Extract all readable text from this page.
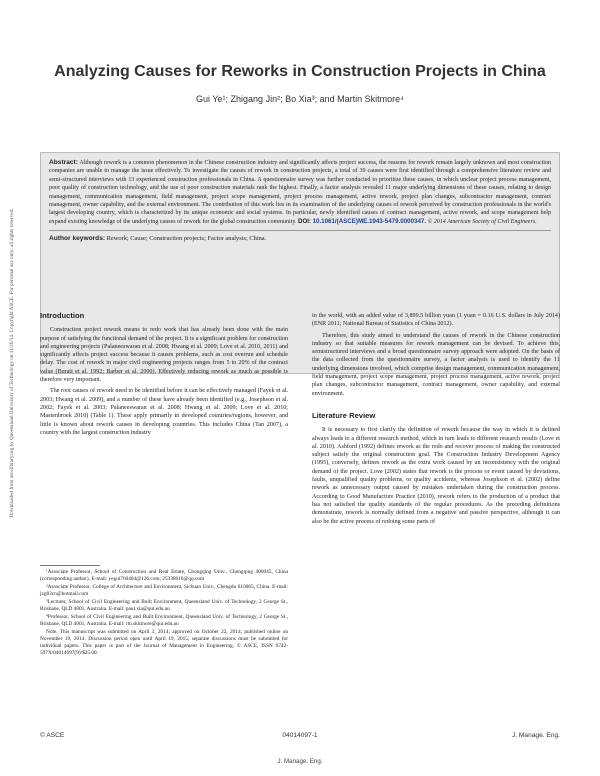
Downloaded from ascelibrary.org by Queensland University of Technology on 11/26/14. Copyright ASCE. For personal use only; all rights reserved.
Analyzing Causes for Reworks in Construction Projects in China
Gui Ye¹; Zhigang Jin²; Bo Xia³; and Martin Skitmore⁴

Abstract: Although rework is a common phenomenon in the Chinese construction industry and significantly affects project success, the reasons for rework remain largely unknown and most construction companies are unable to manage the issue effectively. To investigate the causes of rework in construction projects, a total of 39 causes were first identified through a comprehensive literature review and semi-structured interviews with 13 experienced construction professionals in China. A questionnaire survey was further conducted to prioritize these causes, in which unclear project process management, poor quality of construction technology, and the use of poor construction materials rank the highest. Finally, a factor analysis revealed 11 major underlying dimensions of these causes, relating to design management, communication management, field management, project scope management, project process management, active rework, project plan changes, subcontractor management, contract management, owner capability, and the external environment. The contribution of this work lies in its examination of the underlying causes of rework perceived by construction professionals in the world's largest developing country, which is characterized by its unique economic and social systems. In particular, newly identified causes of contract management, active rework, and scope management help expand existing knowledge of the underlying causes of rework for the global construction community. DOI: 10.1061/(ASCE)ME.1943-5479.0000347. © 2014 American Society of Civil Engineers.

Author keywords: Rework; Cause; Construction projects; Factor analysis; China.

Introduction

Construction project rework means to redo work that has already been done with the main purpose of satisfying the functional demand of the project. It is a significant problem for construction and engineering projects (Palaneeswaran et al. 2008; Hwang et al. 2009; Love et al. 2010, 2011) and significantly affects project success because it causes problems, such as cost overrun and schedule delay. The cost of rework in major civil engineering projects ranges from 5 to 20% of the contract value (Burati et al. 1992; Barber et al. 2000). Effectively reducing rework as much as possible is therefore very important.

The root causes of rework need to be identified before it can be effectively managed (Fayek et al. 2003; Hwang et al. 2009), and a number of these have already been identified (e.g., Josephson et al. 2002; Fayek et al. 2003; Palaneeswaran et al. 2008; Hwang et al. 2009; Love et al. 2010; Mastenbroek 2010) (Table 1). These apply primarily in developed countries/regions, however, and little is known about rework causes in developing countries. This includes China (Tan 2007), a country with the largest construction industry

in the world, with an added value of 3,899.5 billion yuan (1 yuan = 0.16 U.S. dollars in July 2014) (ENR 2011; National Bureau of Statistics of China 2012).

Therefore, this study aimed to understand the causes of rework in the Chinese construction industry so that suitable measures for rework management can be devised. To achieve this, semistructured interviews and a broad questionnaire survey approach were adopted. On the basis of the data collected from the questionnaire survey, a factor analysis is used to identify the 11 underlying dimensions involved, which comprise design management, communication management, field management, project scope management, project process management, active rework, project plan changes, subcontractor management, contract management, owner capability, and external environment.

Literature Review

It is necessary to first clarify the definition of rework because the way in which it is defined always leads to a different research method, which in turn leads to different research results (Love et al. 2010). Ashford (1992) defines rework as the redo and recover process of making the constructed subject satisfy the original construction goal. The Construction Industry Development Agency (1995), conversely, defines rework as the extra work caused by an inconsistency with the original demand of the project. Love (2002) states that rework is the process or event caused by deviations, faults, unqualified quality problems, or quality accidents, whereas Josephson et al. (2002) define rework as unnecessary output caused by mistakes undertaken during the construction process. According to Good Manufacture Practice (2010), rework refers to the production of a product that has not satisfied the quality standards of the regular procedures. As the preceding definitions demonstrate, rework is normally defined from a negative and passive perspective, although it can also be the active process of redoing some parts of

¹Associate Professor, School of Construction and Real Estate, Chongqing Univ., Chongqing 400045, China (corresponding author). E-mail: yegui760404@126.com; 25338616@qq.com

²Associate Professor, College of Architecture and Environment, Sichuan Univ., Chengdu 610065, China. E-mail: jzg83cn@hotmail.com

³Lecturer, School of Civil Engineering and Built Environment, Queensland Univ. of Technology, 2 George St., Brisbane, QLD 4001, Australia. E-mail: paul.xia@qut.edu.au

⁴Professor, School of Civil Engineering and Built Environment, Queensland Univ. of Technology, 2 George St., Brisbane, QLD 4001, Australia. E-mail: rm.skitmore@qut.edu.au

Note. This manuscript was submitted on April 3, 2014; approved on October 22, 2014; published online on November 19, 2014. Discussion period open until April 19, 2015; separate discussions must be submitted for individual papers. This paper is part of the Journal of Management in Engineering, © ASCE, ISSN 0742-597X/04014097(9)/$25.00.

© ASCE	04014097-1	J. Manage. Eng.
J. Manage. Eng.
